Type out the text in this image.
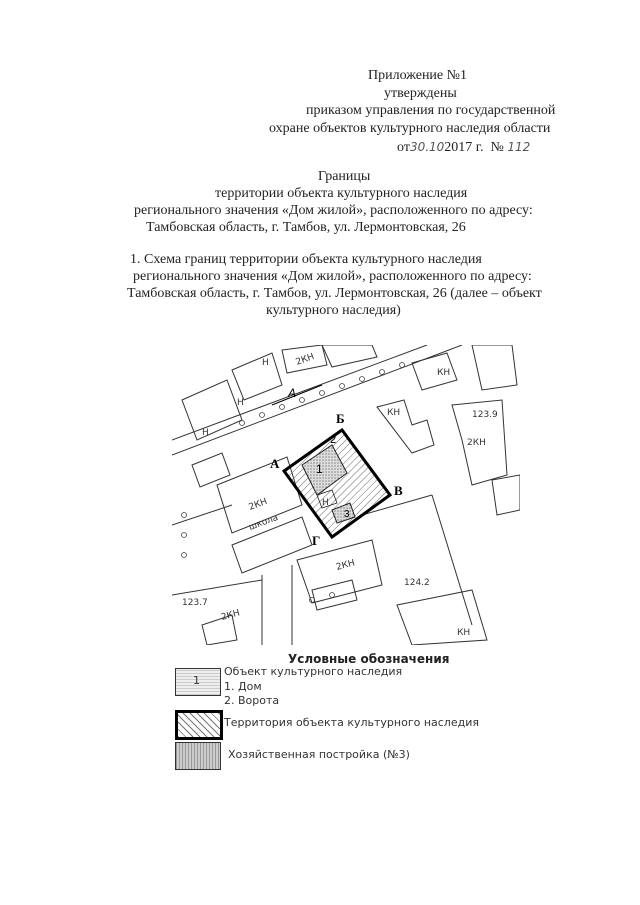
Приложение №1
утверждены
приказом управления по государственной
охране объектов культурного наследия области
от30.102017 г. № 112
Границы
территории объекта культурного наследия
регионального значения «Дом жилой», расположенного по адресу:
Тамбовская область, г. Тамбов, ул. Лермонтовская, 26
1. Схема границ территории объекта культурного наследия
регионального значения «Дом жилой», расположенного по адресу:
Тамбовская область, г. Тамбов, ул. Лермонтовская, 26 (далее – объект
культурного наследия)
А
Б
В
Г
1
2
3
А
школа
2КН
2КН
2КН
2КН
2КН
КН
КН
КН
Н
Н
Н
Н
123.9
124.2
123.7
Условные обозначения
1
Объект культурного наследия
1. Дом
2. Ворота
Территория объекта культурного наследия
Хозяйственная постройка (№3)
